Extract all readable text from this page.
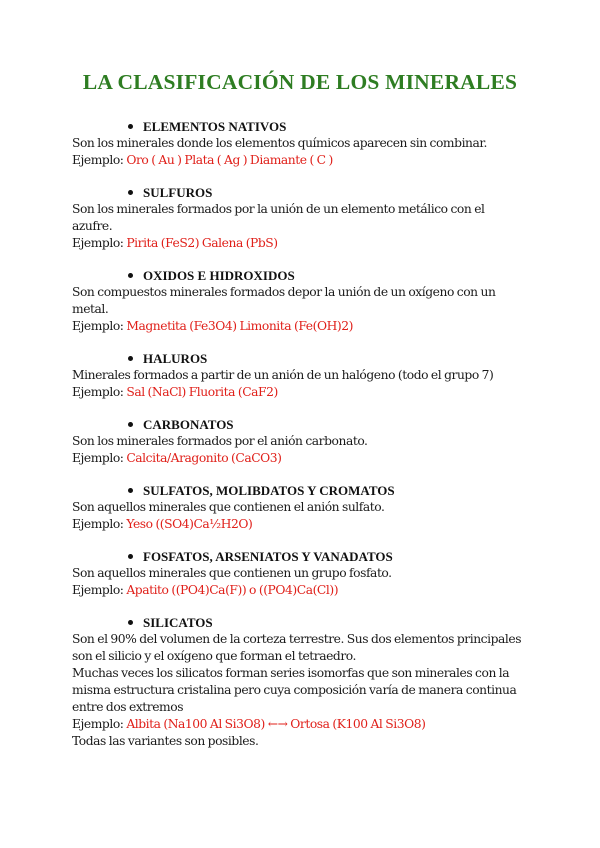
LA CLASIFICACIÓN DE LOS MINERALES
ELEMENTOS NATIVOS
Son los minerales donde los elementos químicos aparecen sin combinar.
Ejemplo: Oro ( Au ) Plata ( Ag ) Diamante ( C )
SULFUROS
Son los minerales formados por la unión de un elemento metálico con el
azufre.
Ejemplo: Pirita (FeS2) Galena (PbS)
OXIDOS E HIDROXIDOS
Son compuestos minerales formados depor la unión de un oxígeno con un
metal.
Ejemplo: Magnetita (Fe3O4) Limonita (Fe(OH)2)
HALUROS
Minerales formados a partir de un anión de un halógeno (todo el grupo 7)
Ejemplo: Sal (NaCl) Fluorita (CaF2)
CARBONATOS
Son los minerales formados por el anión carbonato.
Ejemplo: Calcita/Aragonito (CaCO3)
SULFATOS, MOLIBDATOS Y CROMATOS
Son aquellos minerales que contienen el anión sulfato.
Ejemplo: Yeso ((SO4)Ca½H2O)
FOSFATOS, ARSENIATOS Y VANADATOS
Son aquellos minerales que contienen un grupo fosfato.
Ejemplo: Apatito ((PO4)Ca(F)) o ((PO4)Ca(Cl))
SILICATOS
Son el 90% del volumen de la corteza terrestre. Sus dos elementos principales
son el silicio y el oxígeno que forman el tetraedro.
Muchas veces los silicatos forman series isomorfas que son minerales con la
misma estructura cristalina pero cuya composición varía de manera continua
entre dos extremos
Ejemplo: Albita (Na100 Al Si3O8) ←→ Ortosa (K100 Al Si3O8)
Todas las variantes son posibles.
